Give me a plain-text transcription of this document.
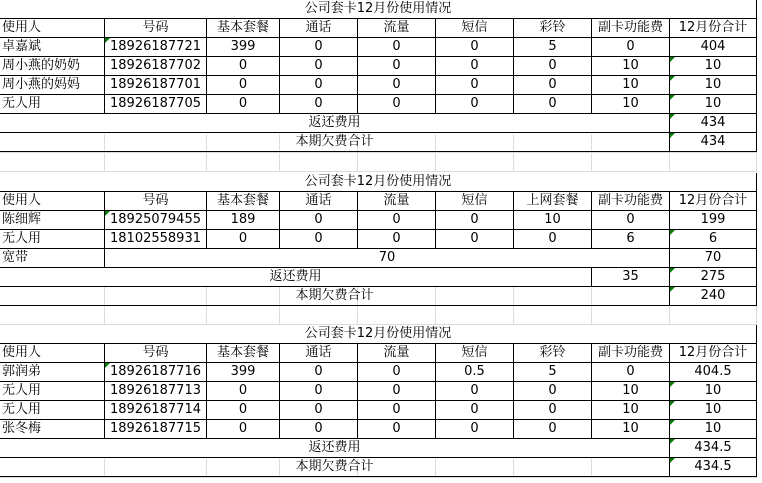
公司套卡12月份使用情况
使用人	号码	基本套餐	通话	流量	短信	彩铃	副卡功能费	12月份合计
卓嘉斌	18926187721	399	0	0	0	5	0	404
周小燕的奶奶	18926187702	0	0	0	0	0	10	10
周小燕的妈妈	18926187701	0	0	0	0	0	10	10
无人用	18926187705	0	0	0	0	0	10	10
返还费用	434
本期欠费合计	434
公司套卡12月份使用情况
使用人	号码	基本套餐	通话	流量	短信	上网套餐	副卡功能费	12月份合计
陈细辉	18925079455	189	0	0	0	10	0	199
无人用	18102558931	0	0	0	0	0	6	6
宽带	70	70
返还费用	35	275
本期欠费合计	240
公司套卡12月份使用情况
使用人	号码	基本套餐	通话	流量	短信	彩铃	副卡功能费	12月份合计
郭润弟	18926187716	399	0	0	0.5	5	0	404.5
无人用	18926187713	0	0	0	0	0	10	10
无人用	18926187714	0	0	0	0	0	10	10
张冬梅	18926187715	0	0	0	0	0	10	10
返还费用	434.5
本期欠费合计	434.5
